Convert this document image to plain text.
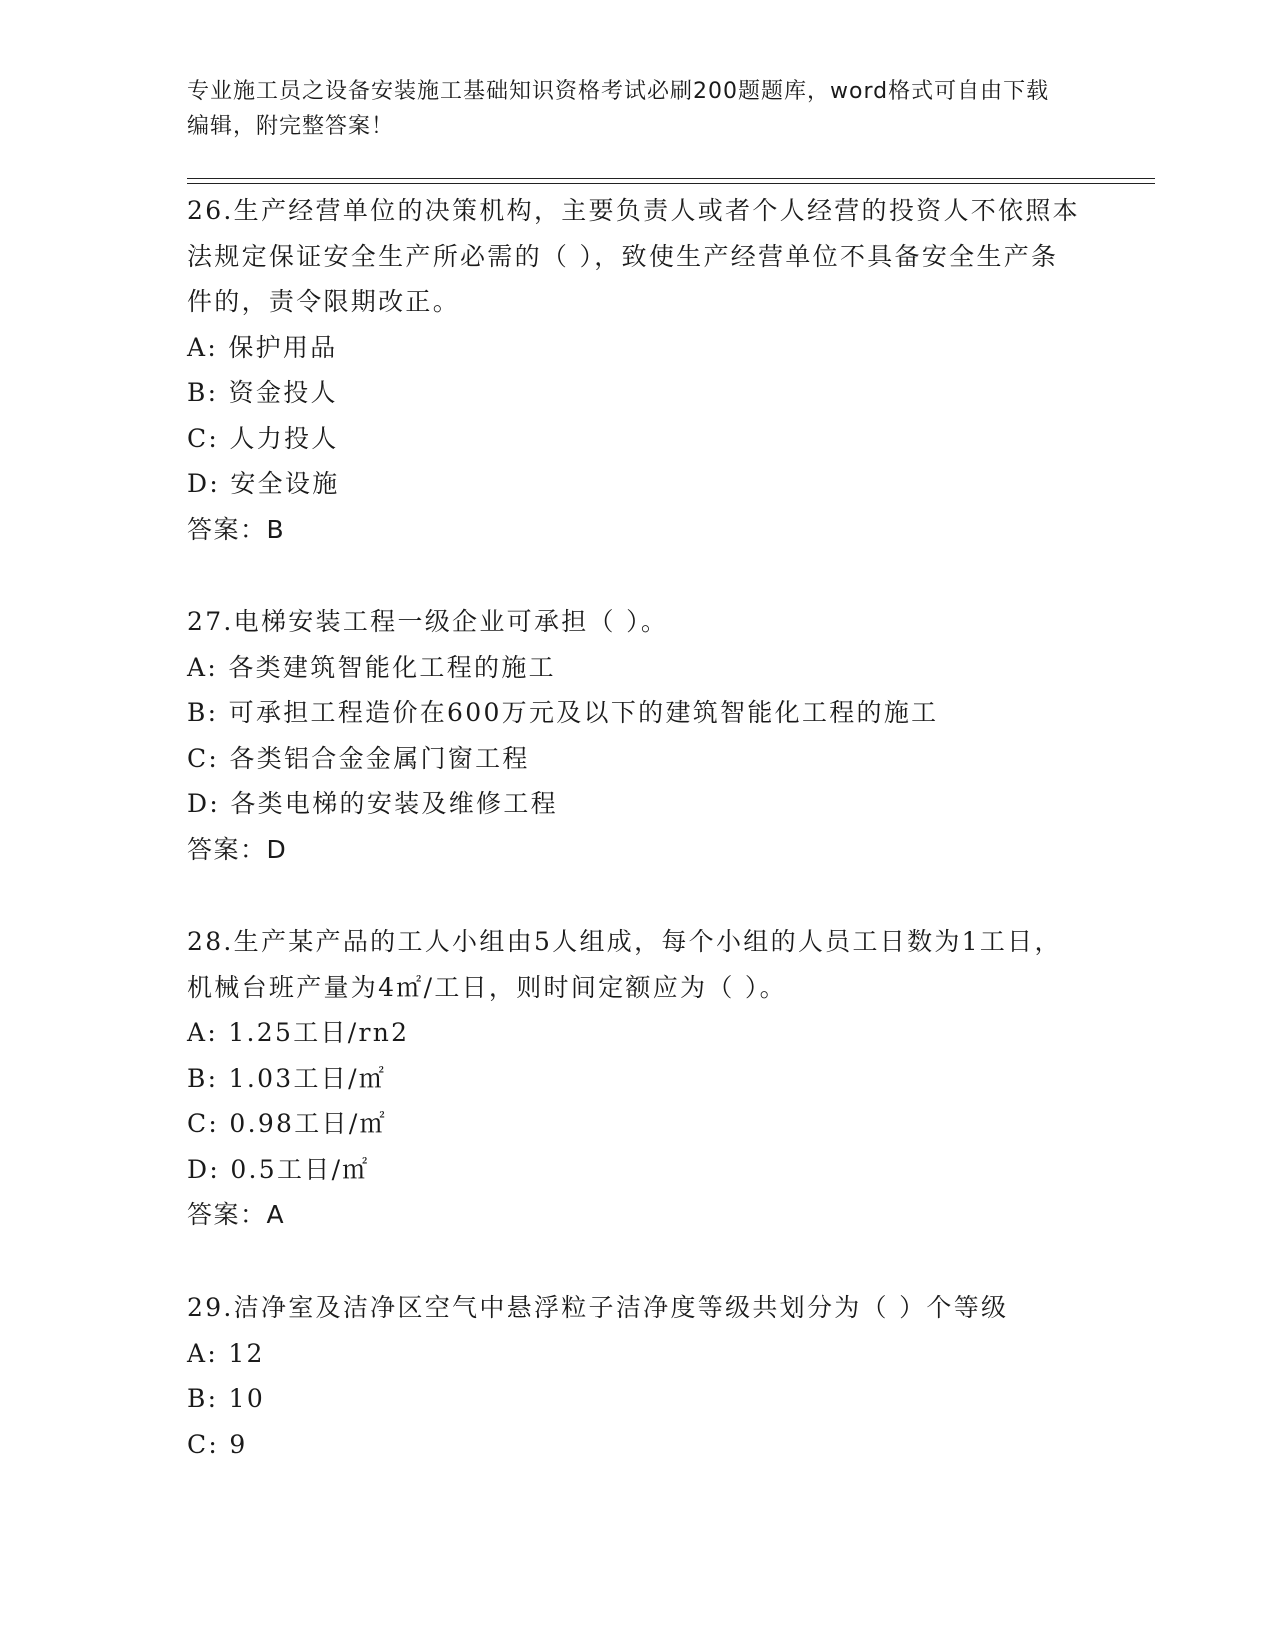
专业施工员之设备安装施工基础知识资格考试必刷200题题库，word格式可自由下载编辑，附完整答案！

26.生产经营单位的决策机构，主要负责人或者个人经营的投资人不依照本法规定保证安全生产所必需的（ ），致使生产经营单位不具备安全生产条件的，责令限期改正。

A: 保护用品

B: 资金投人

C: 人力投人

D: 安全设施

答案：B

27.电梯安装工程一级企业可承担（ ）。

A: 各类建筑智能化工程的施工

B: 可承担工程造价在600万元及以下的建筑智能化工程的施工

C: 各类铝合金金属门窗工程

D: 各类电梯的安装及维修工程

答案：D

28.生产某产品的工人小组由5人组成，每个小组的人员工日数为1工日，机械台班产量为4㎡/工日，则时间定额应为（ ）。

A: 1.25工日/rn2

B: 1.03工日/㎡

C: 0.98工日/㎡

D: 0.5工日/㎡

答案：A

29.洁净室及洁净区空气中悬浮粒子洁净度等级共划分为（ ）个等级

A: 12

B: 10

C: 9
